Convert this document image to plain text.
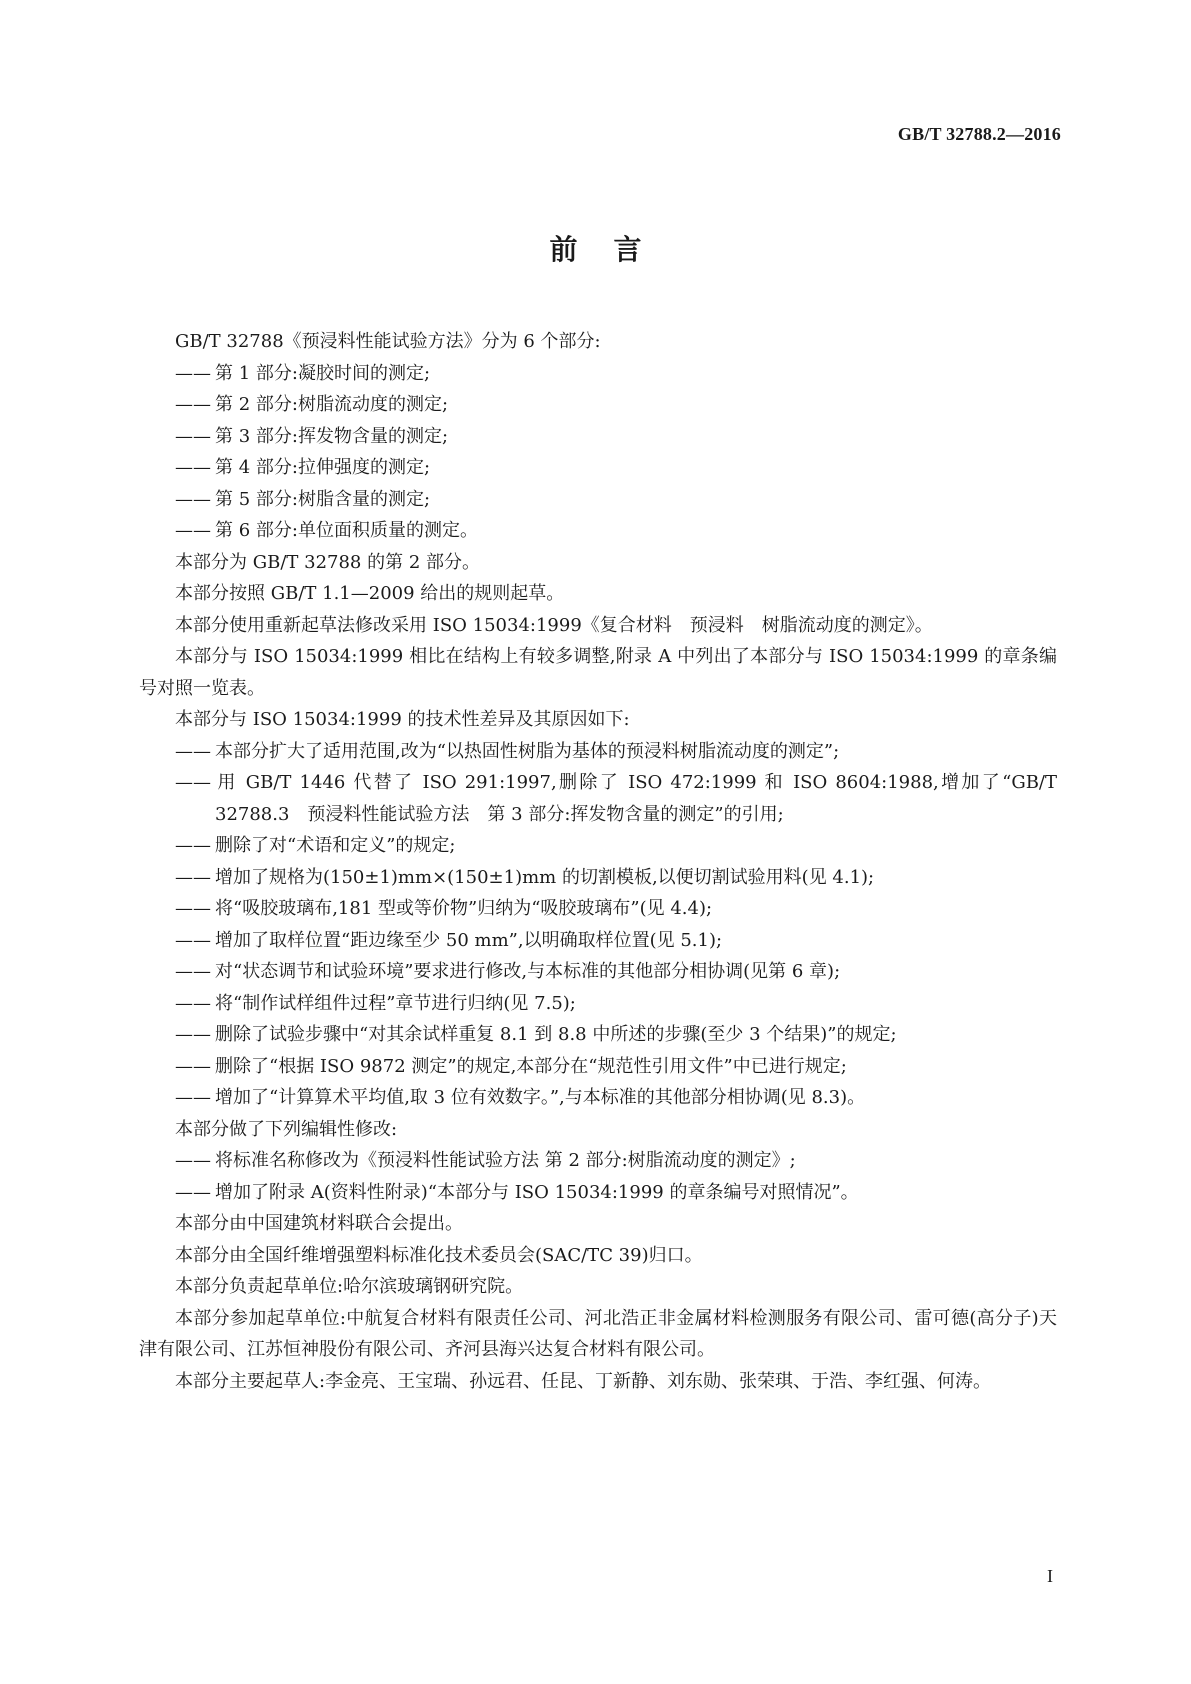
GB/T 32788.2—2016
前言
GB/T 32788《预浸料性能试验方法》分为 6 个部分:
—— 第 1 部分:凝胶时间的测定;
—— 第 2 部分:树脂流动度的测定;
—— 第 3 部分:挥发物含量的测定;
—— 第 4 部分:拉伸强度的测定;
—— 第 5 部分:树脂含量的测定;
—— 第 6 部分:单位面积质量的测定。
本部分为 GB/T 32788 的第 2 部分。
本部分按照 GB/T 1.1—2009 给出的规则起草。
本部分使用重新起草法修改采用 ISO 15034:1999《复合材料　预浸料　树脂流动度的测定》。
本部分与 ISO 15034:1999 相比在结构上有较多调整,附录 A 中列出了本部分与 ISO 15034:1999 的章条编号对照一览表。
本部分与 ISO 15034:1999 的技术性差异及其原因如下:
—— 本部分扩大了适用范围,改为“以热固性树脂为基体的预浸料树脂流动度的测定”;
—— 用 GB/T 1446 代替了 ISO 291:1997,删除了 ISO 472:1999 和 ISO 8604:1988,增加了“GB/T 32788.3　预浸料性能试验方法　第 3 部分:挥发物含量的测定”的引用;
—— 删除了对“术语和定义”的规定;
—— 增加了规格为(150±1)mm×(150±1)mm 的切割模板,以便切割试验用料(见 4.1);
—— 将“吸胶玻璃布,181 型或等价物”归纳为“吸胶玻璃布”(见 4.4);
—— 增加了取样位置“距边缘至少 50 mm”,以明确取样位置(见 5.1);
—— 对“状态调节和试验环境”要求进行修改,与本标准的其他部分相协调(见第 6 章);
—— 将“制作试样组件过程”章节进行归纳(见 7.5);
—— 删除了试验步骤中“对其余试样重复 8.1 到 8.8 中所述的步骤(至少 3 个结果)”的规定;
—— 删除了“根据 ISO 9872 测定”的规定,本部分在“规范性引用文件”中已进行规定;
—— 增加了“计算算术平均值,取 3 位有效数字。”,与本标准的其他部分相协调(见 8.3)。
本部分做了下列编辑性修改:
—— 将标准名称修改为《预浸料性能试验方法 第 2 部分:树脂流动度的测定》;
—— 增加了附录 A(资料性附录)“本部分与 ISO 15034:1999 的章条编号对照情况”。
本部分由中国建筑材料联合会提出。
本部分由全国纤维增强塑料标准化技术委员会(SAC/TC 39)归口。
本部分负责起草单位:哈尔滨玻璃钢研究院。
本部分参加起草单位:中航复合材料有限责任公司、河北浩正非金属材料检测服务有限公司、雷可德(高分子)天津有限公司、江苏恒神股份有限公司、齐河县海兴达复合材料有限公司。
本部分主要起草人:李金亮、王宝瑞、孙远君、任昆、丁新静、刘东勋、张荣琪、于浩、李红强、何涛。
I
